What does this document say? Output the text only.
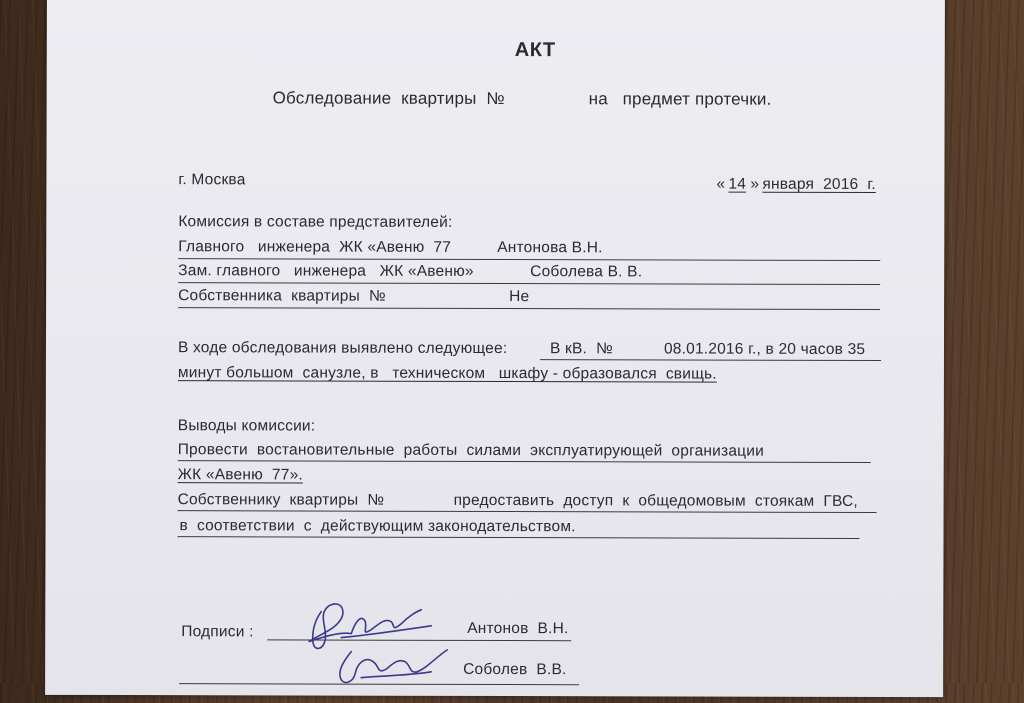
АКТ
Обследование  квартиры  №	на   предмет протечки.
г. Москва	« 14 » января  2016  г.
Комиссия в составе представителей:
Главного   инженера  ЖК «Авеню  77	Антонова В.Н.
Зам. главного   инженера   ЖК «Авеню»	Соболева В. В.
Собственника  квартиры  №	Не
В ходе обследования выявлено следующее:	В кВ.  №	08.01.2016 г., в 20 часов 35
минут большом  санузле, в   техническом   шкафу - образовался  свищь.
Выводы комиссии:
Провести  востановительные  работы  силами  эксплуатирующей  организации
ЖК «Авеню  77».
Собственнику  квартиры  №	предоставить  доступ  к  общедомовым  стоякам  ГВС,
в  соответствии  с  действующим законодательством.
Подписи :	Антонов  В.Н.
Соболев  В.В.
